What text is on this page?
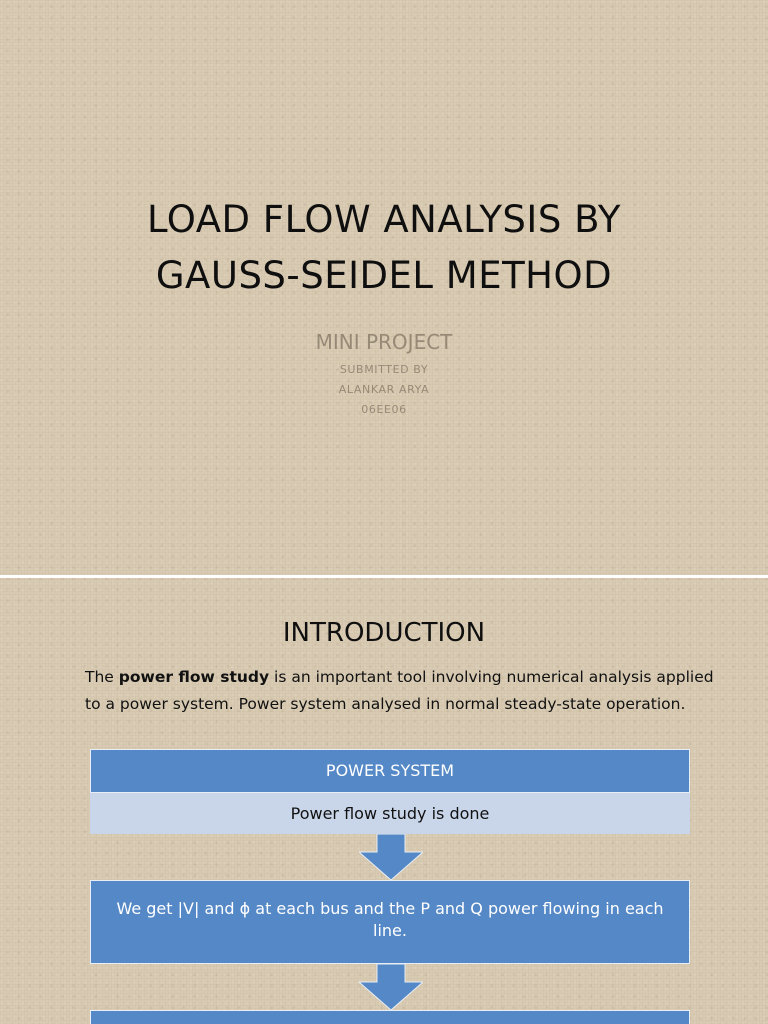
LOAD FLOW ANALYSIS BY
GAUSS-SEIDEL METHOD
MINI PROJECT
SUBMITTED BY
ALANKAR ARYA
06EE06
INTRODUCTION
The power flow study is an important tool involving numerical analysis applied to a power system. Power system analysed in normal steady-state operation.
POWER SYSTEM
Power flow study is done
We get |V| and ϕ at each bus and the P and Q power flowing in each line.
